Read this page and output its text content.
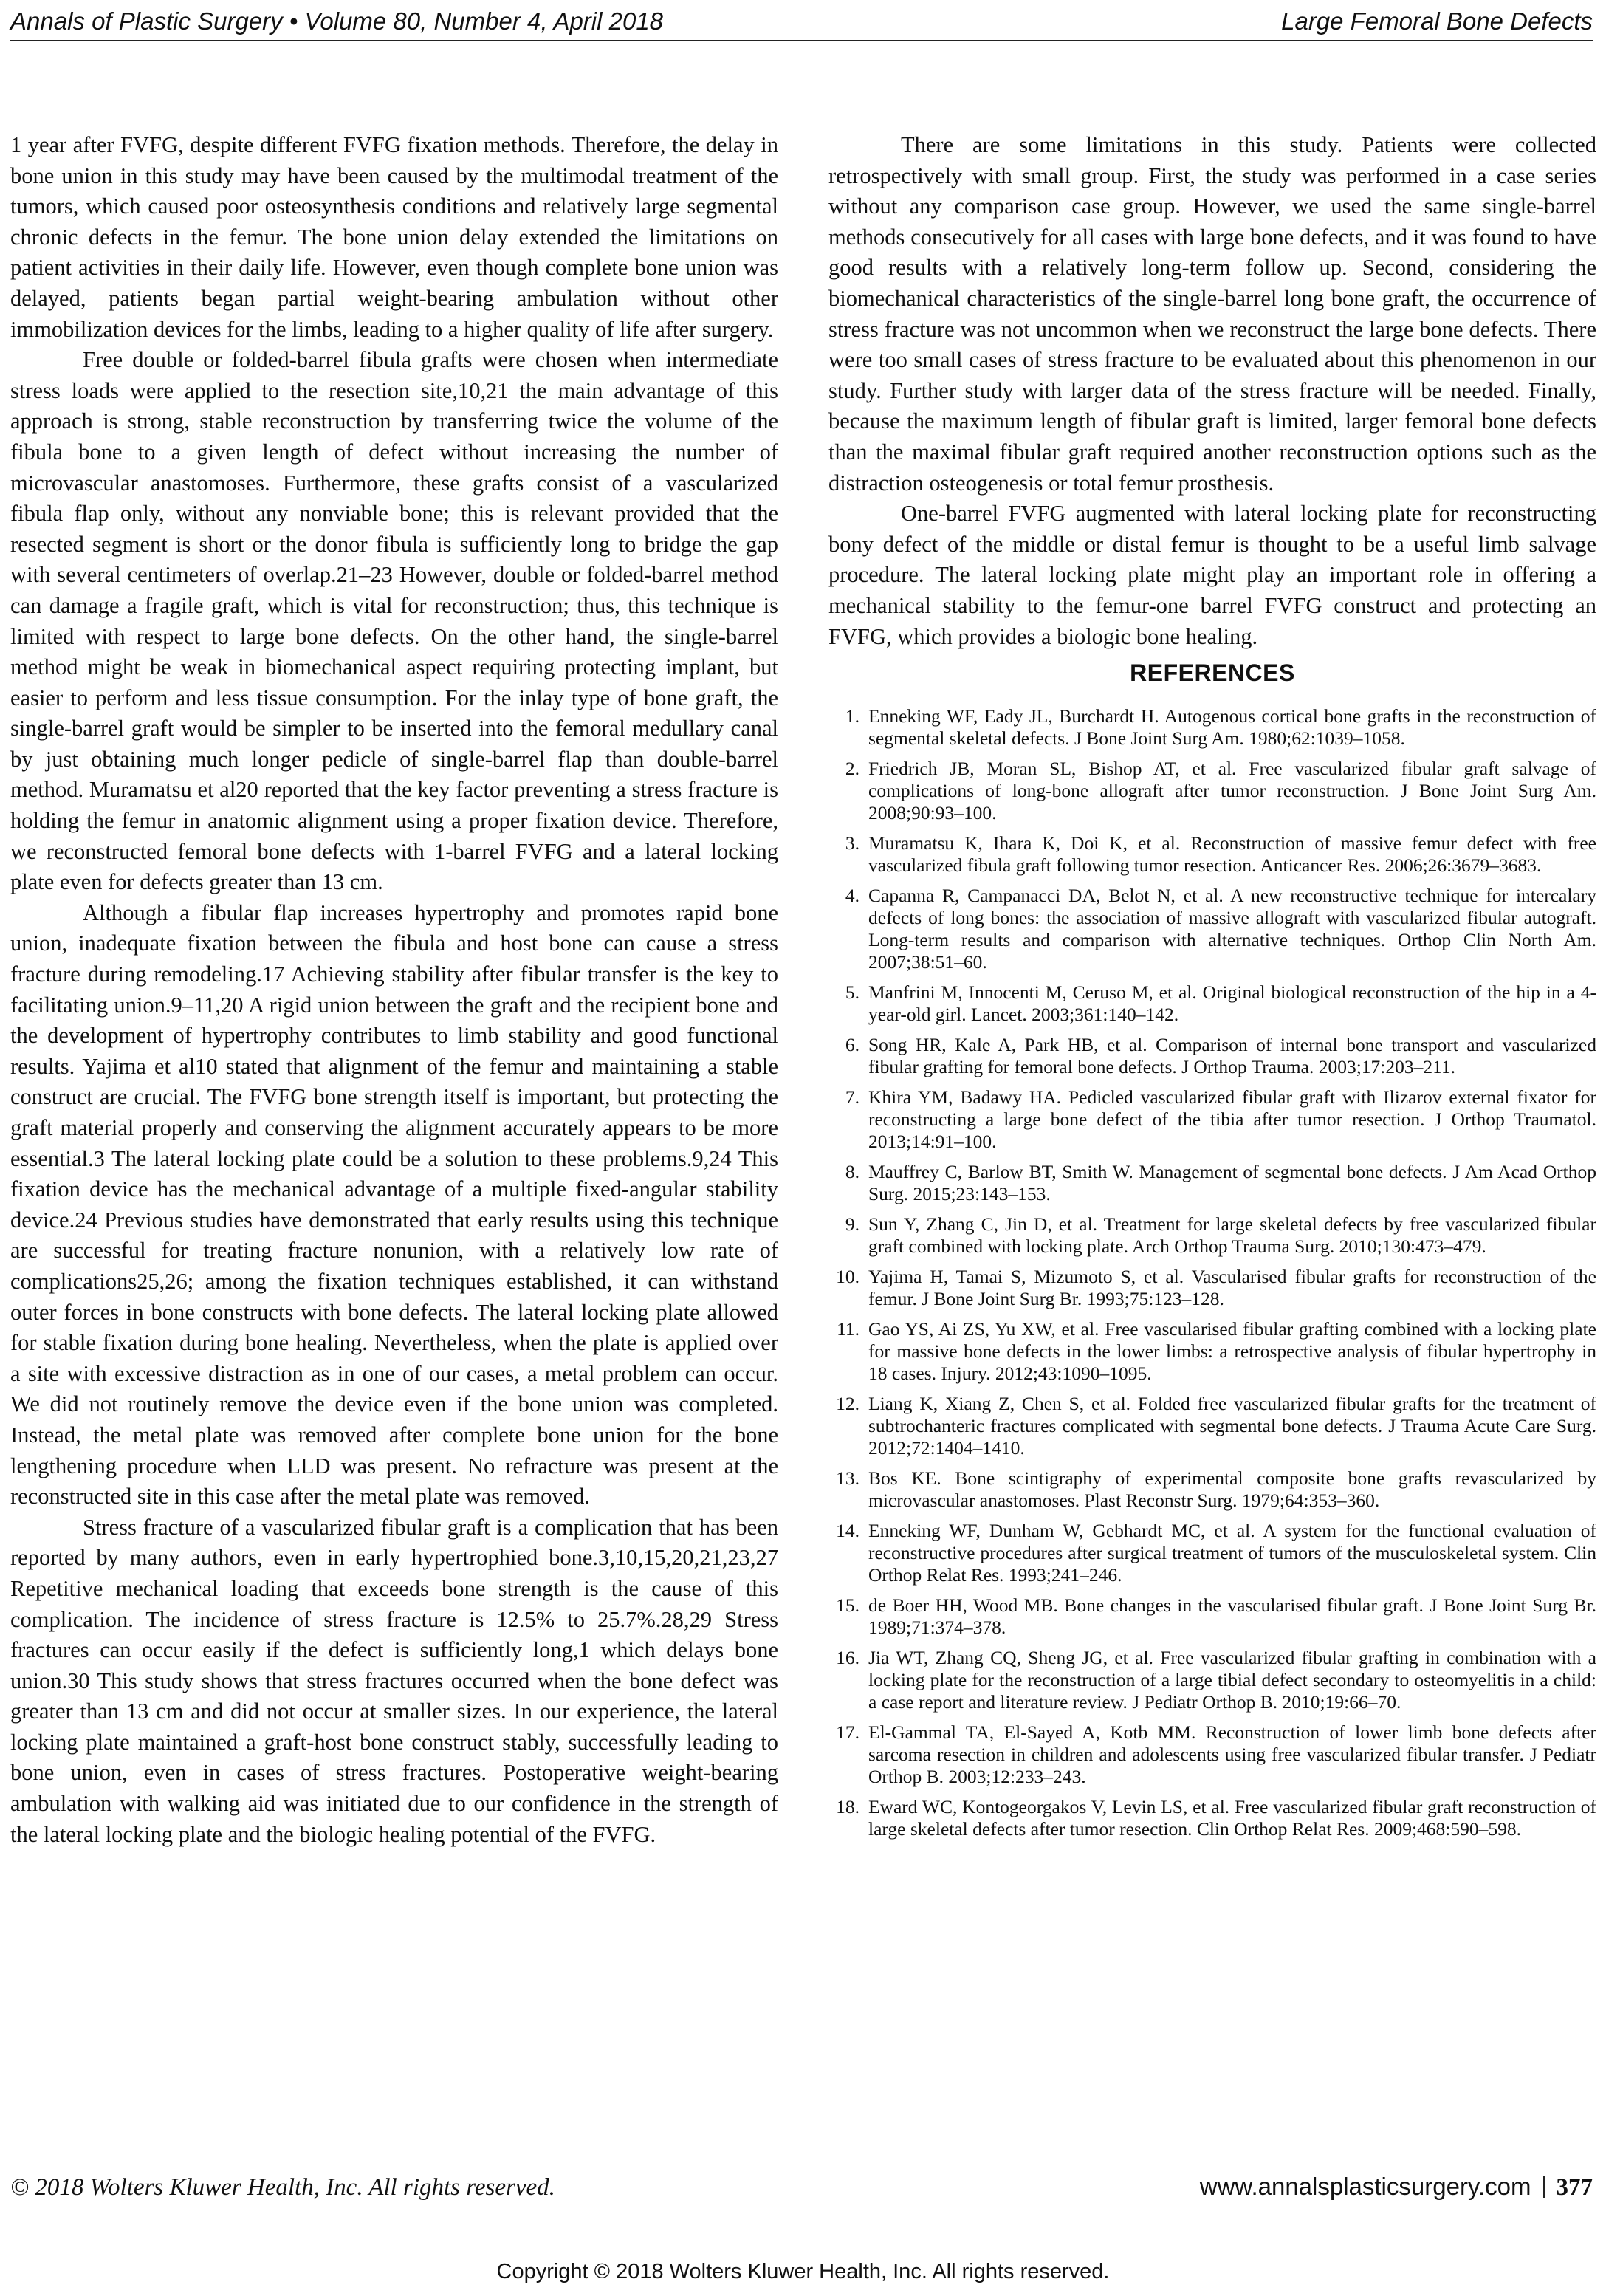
Annals of Plastic Surgery • Volume 80, Number 4, April 2018	Large Femoral Bone Defects

1 year after FVFG, despite different FVFG fixation methods. Therefore, the delay in bone union in this study may have been caused by the multimodal treatment of the tumors, which caused poor osteosynthesis conditions and relatively large segmental chronic defects in the femur. The bone union delay extended the limitations on patient activities in their daily life. However, even though complete bone union was delayed, patients began partial weight-bearing ambulation without other immobilization devices for the limbs, leading to a higher quality of life after surgery.

Free double or folded-barrel fibula grafts were chosen when intermediate stress loads were applied to the resection site,10,21 the main advantage of this approach is strong, stable reconstruction by transferring twice the volume of the fibula bone to a given length of defect without increasing the number of microvascular anastomoses. Furthermore, these grafts consist of a vascularized fibula flap only, without any nonviable bone; this is relevant provided that the resected segment is short or the donor fibula is sufficiently long to bridge the gap with several centimeters of overlap.21–23 However, double or folded-barrel method can damage a fragile graft, which is vital for reconstruction; thus, this technique is limited with respect to large bone defects. On the other hand, the single-barrel method might be weak in biomechanical aspect requiring protecting implant, but easier to perform and less tissue consumption. For the inlay type of bone graft, the single-barrel graft would be simpler to be inserted into the femoral medullary canal by just obtaining much longer pedicle of single-barrel flap than double-barrel method. Muramatsu et al20 reported that the key factor preventing a stress fracture is holding the femur in anatomic alignment using a proper fixation device. Therefore, we reconstructed femoral bone defects with 1-barrel FVFG and a lateral locking plate even for defects greater than 13 cm.

Although a fibular flap increases hypertrophy and promotes rapid bone union, inadequate fixation between the fibula and host bone can cause a stress fracture during remodeling.17 Achieving stability after fibular transfer is the key to facilitating union.9–11,20 A rigid union between the graft and the recipient bone and the development of hypertrophy contributes to limb stability and good functional results. Yajima et al10 stated that alignment of the femur and maintaining a stable construct are crucial. The FVFG bone strength itself is important, but protecting the graft material properly and conserving the alignment accurately appears to be more essential.3 The lateral locking plate could be a solution to these problems.9,24 This fixation device has the mechanical advantage of a multiple fixed-angular stability device.24 Previous studies have demonstrated that early results using this technique are successful for treating fracture nonunion, with a relatively low rate of complications25,26; among the fixation techniques established, it can withstand outer forces in bone constructs with bone defects. The lateral locking plate allowed for stable fixation during bone healing. Nevertheless, when the plate is applied over a site with excessive distraction as in one of our cases, a metal problem can occur. We did not routinely remove the device even if the bone union was completed. Instead, the metal plate was removed after complete bone union for the bone lengthening procedure when LLD was present. No refracture was present at the reconstructed site in this case after the metal plate was removed.

Stress fracture of a vascularized fibular graft is a complication that has been reported by many authors, even in early hypertrophied bone.3,10,15,20,21,23,27 Repetitive mechanical loading that exceeds bone strength is the cause of this complication. The incidence of stress fracture is 12.5% to 25.7%.28,29 Stress fractures can occur easily if the defect is sufficiently long,1 which delays bone union.30 This study shows that stress fractures occurred when the bone defect was greater than 13 cm and did not occur at smaller sizes. In our experience, the lateral locking plate maintained a graft-host bone construct stably, successfully leading to bone union, even in cases of stress fractures. Postoperative weight-bearing ambulation with walking aid was initiated due to our confidence in the strength of the lateral locking plate and the biologic healing potential of the FVFG.

There are some limitations in this study. Patients were collected retrospectively with small group. First, the study was performed in a case series without any comparison case group. However, we used the same single-barrel methods consecutively for all cases with large bone defects, and it was found to have good results with a relatively long-term follow up. Second, considering the biomechanical characteristics of the single-barrel long bone graft, the occurrence of stress fracture was not uncommon when we reconstruct the large bone defects. There were too small cases of stress fracture to be evaluated about this phenomenon in our study. Further study with larger data of the stress fracture will be needed. Finally, because the maximum length of fibular graft is limited, larger femoral bone defects than the maximal fibular graft required another reconstruction options such as the distraction osteogenesis or total femur prosthesis.

One-barrel FVFG augmented with lateral locking plate for reconstructing bony defect of the middle or distal femur is thought to be a useful limb salvage procedure. The lateral locking plate might play an important role in offering a mechanical stability to the femur-one barrel FVFG construct and protecting an FVFG, which provides a biologic bone healing.

REFERENCES
1. Enneking WF, Eady JL, Burchardt H. Autogenous cortical bone grafts in the reconstruction of segmental skeletal defects. J Bone Joint Surg Am. 1980;62:1039–1058.
2. Friedrich JB, Moran SL, Bishop AT, et al. Free vascularized fibular graft salvage of complications of long-bone allograft after tumor reconstruction. J Bone Joint Surg Am. 2008;90:93–100.
3. Muramatsu K, Ihara K, Doi K, et al. Reconstruction of massive femur defect with free vascularized fibula graft following tumor resection. Anticancer Res. 2006;26:3679–3683.
4. Capanna R, Campanacci DA, Belot N, et al. A new reconstructive technique for intercalary defects of long bones: the association of massive allograft with vascularized fibular autograft. Long-term results and comparison with alternative techniques. Orthop Clin North Am. 2007;38:51–60.
5. Manfrini M, Innocenti M, Ceruso M, et al. Original biological reconstruction of the hip in a 4-year-old girl. Lancet. 2003;361:140–142.
6. Song HR, Kale A, Park HB, et al. Comparison of internal bone transport and vascularized fibular grafting for femoral bone defects. J Orthop Trauma. 2003;17:203–211.
7. Khira YM, Badawy HA. Pedicled vascularized fibular graft with Ilizarov external fixator for reconstructing a large bone defect of the tibia after tumor resection. J Orthop Traumatol. 2013;14:91–100.
8. Mauffrey C, Barlow BT, Smith W. Management of segmental bone defects. J Am Acad Orthop Surg. 2015;23:143–153.
9. Sun Y, Zhang C, Jin D, et al. Treatment for large skeletal defects by free vascularized fibular graft combined with locking plate. Arch Orthop Trauma Surg. 2010;130:473–479.
10. Yajima H, Tamai S, Mizumoto S, et al. Vascularised fibular grafts for reconstruction of the femur. J Bone Joint Surg Br. 1993;75:123–128.
11. Gao YS, Ai ZS, Yu XW, et al. Free vascularised fibular grafting combined with a locking plate for massive bone defects in the lower limbs: a retrospective analysis of fibular hypertrophy in 18 cases. Injury. 2012;43:1090–1095.
12. Liang K, Xiang Z, Chen S, et al. Folded free vascularized fibular grafts for the treatment of subtrochanteric fractures complicated with segmental bone defects. J Trauma Acute Care Surg. 2012;72:1404–1410.
13. Bos KE. Bone scintigraphy of experimental composite bone grafts revascularized by microvascular anastomoses. Plast Reconstr Surg. 1979;64:353–360.
14. Enneking WF, Dunham W, Gebhardt MC, et al. A system for the functional evaluation of reconstructive procedures after surgical treatment of tumors of the musculoskeletal system. Clin Orthop Relat Res. 1993;241–246.
15. de Boer HH, Wood MB. Bone changes in the vascularised fibular graft. J Bone Joint Surg Br. 1989;71:374–378.
16. Jia WT, Zhang CQ, Sheng JG, et al. Free vascularized fibular grafting in combination with a locking plate for the reconstruction of a large tibial defect secondary to osteomyelitis in a child: a case report and literature review. J Pediatr Orthop B. 2010;19:66–70.
17. El-Gammal TA, El-Sayed A, Kotb MM. Reconstruction of lower limb bone defects after sarcoma resection in children and adolescents using free vascularized fibular transfer. J Pediatr Orthop B. 2003;12:233–243.
18. Eward WC, Kontogeorgakos V, Levin LS, et al. Free vascularized fibular graft reconstruction of large skeletal defects after tumor resection. Clin Orthop Relat Res. 2009;468:590–598.
© 2018 Wolters Kluwer Health, Inc. All rights reserved.	www.annalsplasticsurgery.com 377
Copyright © 2018 Wolters Kluwer Health, Inc. All rights reserved.
